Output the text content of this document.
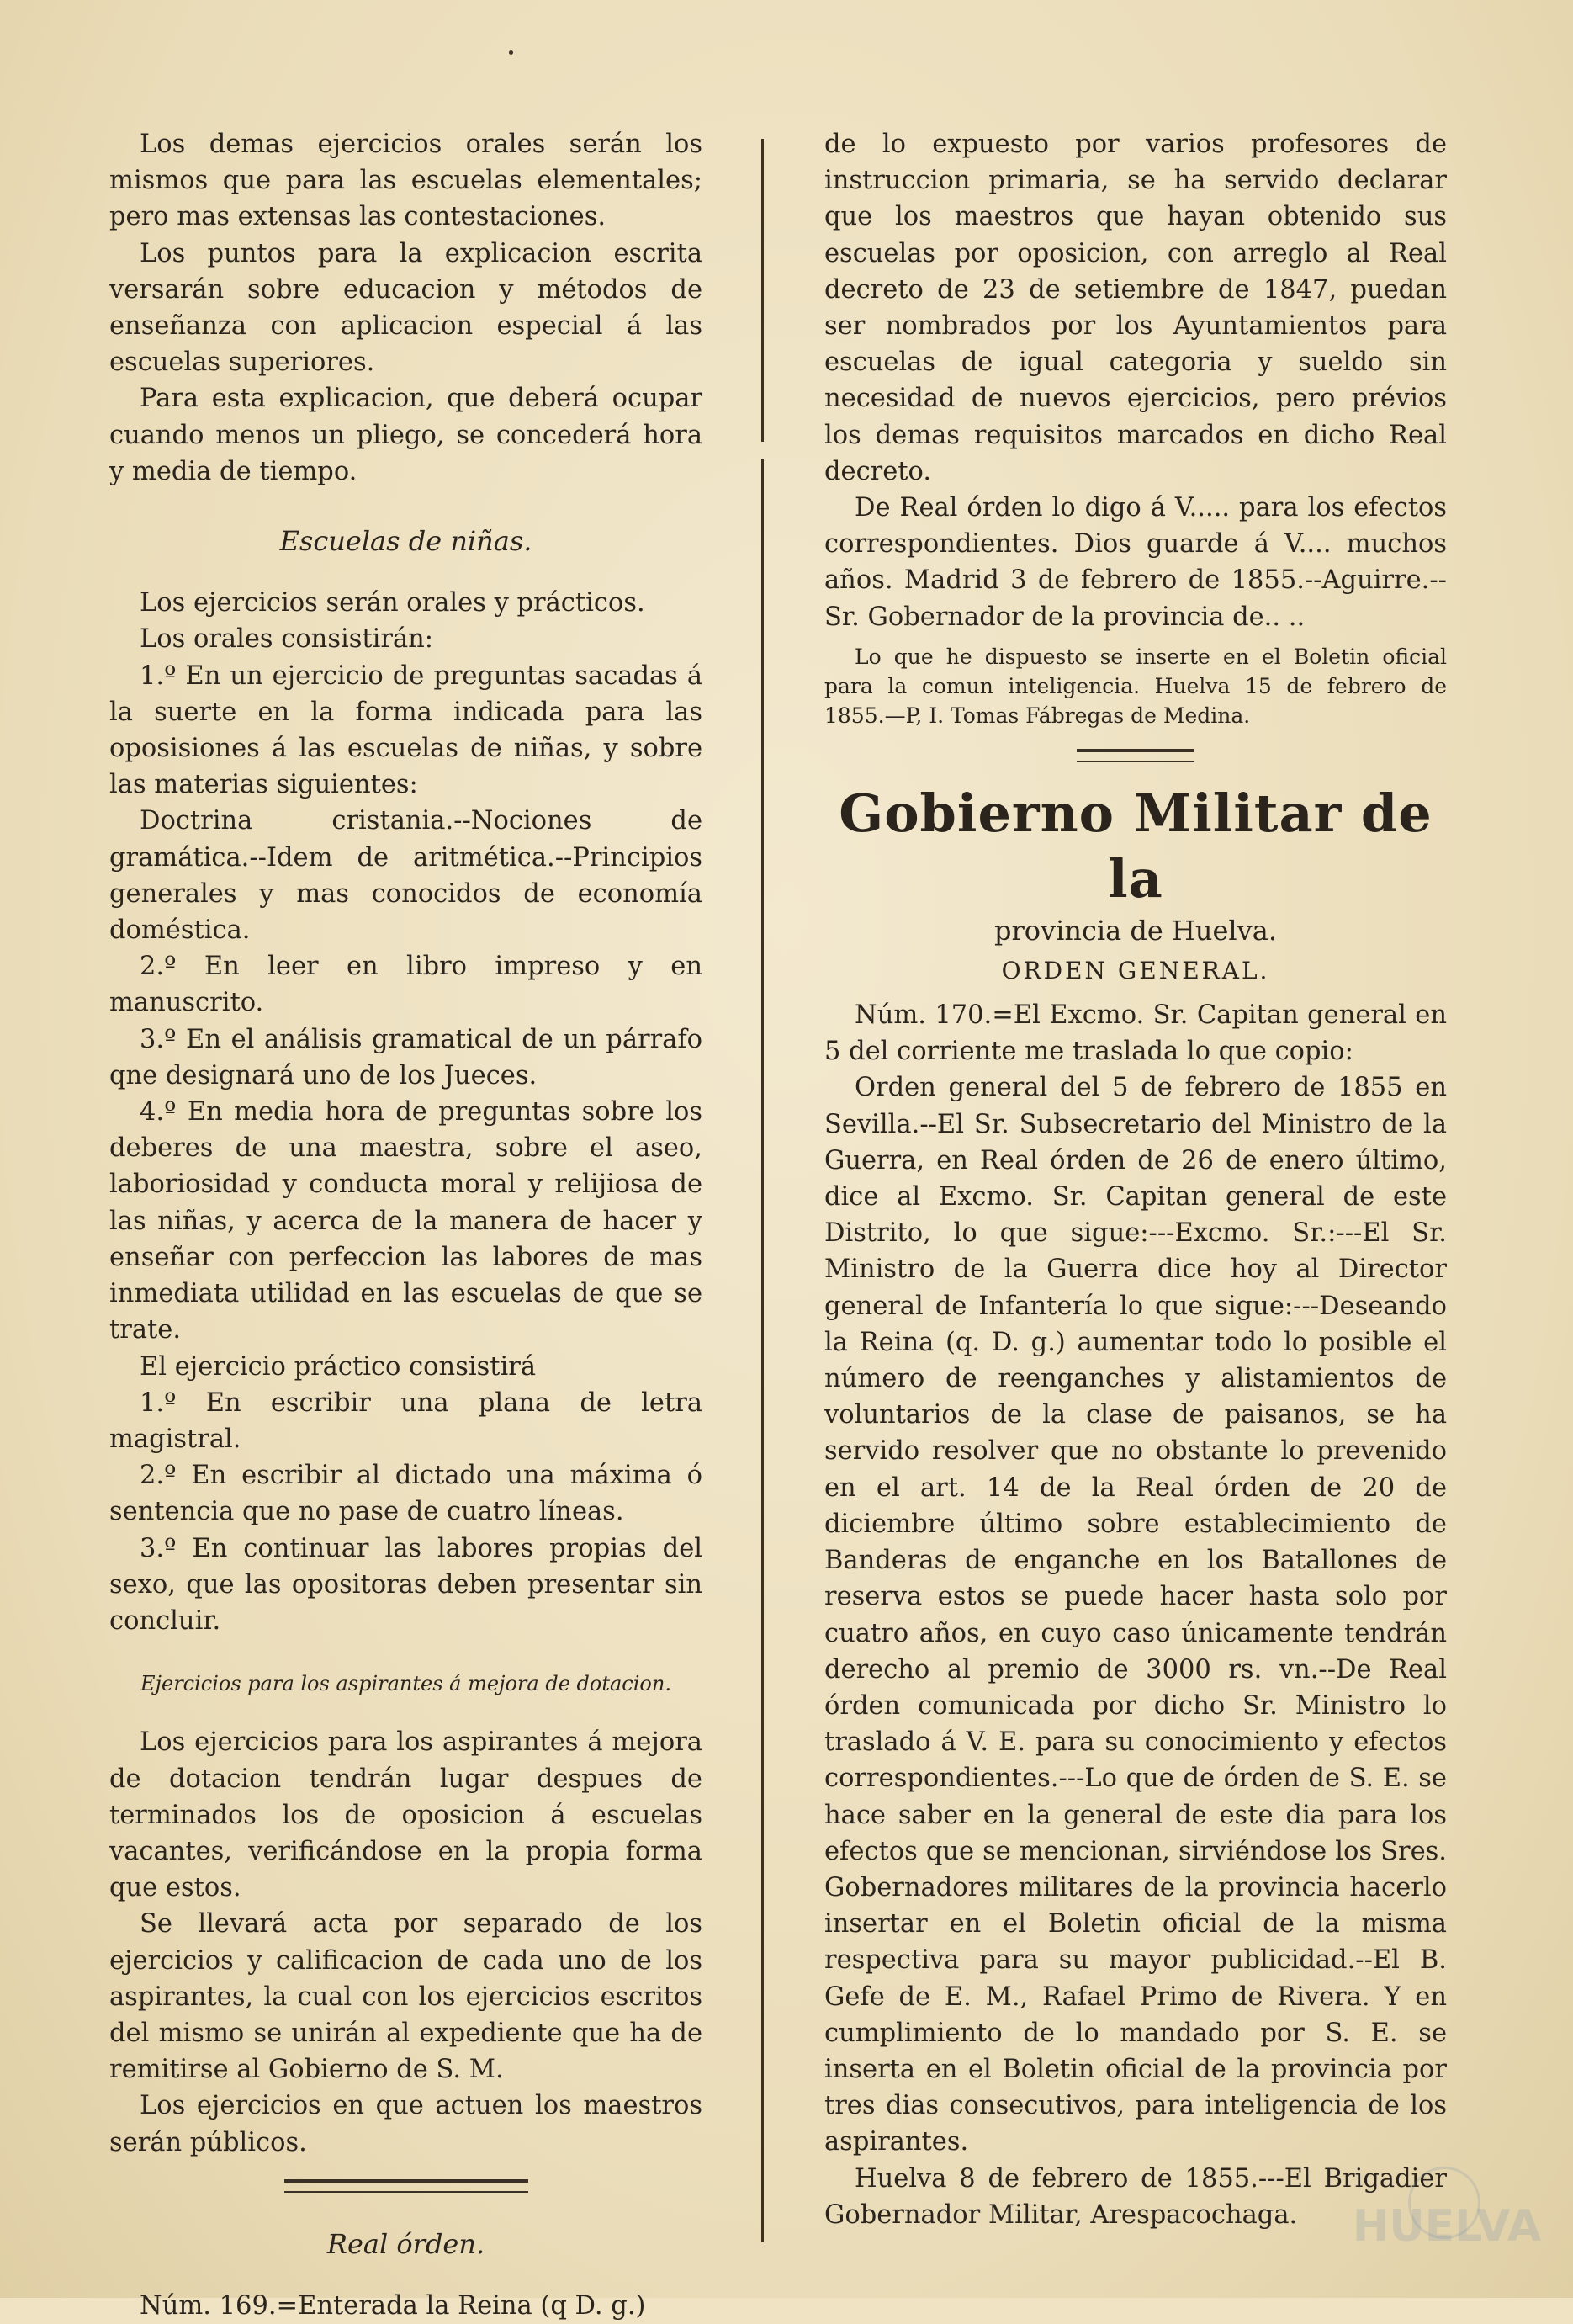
Los demas ejercicios orales serán los mismos que para las escuelas elementales; pero mas extensas las contestaciones.

Los puntos para la explicacion escrita versarán sobre educacion y métodos de enseñanza con aplicacion especial á las escuelas superiores.

Para esta explicacion, que deberá ocupar cuando menos un pliego, se concederá hora y media de tiempo.

Escuelas de niñas.

Los ejercicios serán orales y prácticos.

Los orales consistirán:

1.º En un ejercicio de preguntas sacadas á la suerte en la forma indicada para las oposisiones á las escuelas de niñas, y sobre las materias siguientes:

Doctrina cristania.--Nociones de gramática.--Idem de aritmética.--Principios generales y mas conocidos de economía doméstica.

2.º En leer en libro impreso y en manuscrito.

3.º En el análisis gramatical de un párrafo qne designará uno de los Jueces.

4.º En media hora de preguntas sobre los deberes de una maestra, sobre el aseo, laboriosidad y conducta moral y relijiosa de las niñas, y acerca de la manera de hacer y enseñar con perfeccion las labores de mas inmediata utilidad en las escuelas de que se trate.

El ejercicio práctico consistirá

1.º En escribir una plana de letra magistral.

2.º En escribir al dictado una máxima ó sentencia que no pase de cuatro líneas.

3.º En continuar las labores propias del sexo, que las opositoras deben presentar sin concluir.

Ejercicios para los aspirantes á mejora de dotacion.

Los ejercicios para los aspirantes á mejora de dotacion tendrán lugar despues de terminados los de oposicion á escuelas vacantes, verificándose en la propia forma que estos.

Se llevará acta por separado de los ejercicios y calificacion de cada uno de los aspirantes, la cual con los ejercicios escritos del mismo se unirán al expediente que ha de remitirse al Gobierno de S. M.

Los ejercicios en que actuen los maestros serán públicos.

Real órden.

Núm. 169.=Enterada la Reina (q D. g.)

de lo expuesto por varios profesores de instruccion primaria, se ha servido declarar que los maestros que hayan obtenido sus escuelas por oposicion, con arreglo al Real decreto de 23 de setiembre de 1847, puedan ser nombrados por los Ayuntamientos para escuelas de igual categoria y sueldo sin necesidad de nuevos ejercicios, pero prévios los demas requisitos marcados en dicho Real decreto.

De Real órden lo digo á V..... para los efectos correspondientes. Dios guarde á V.... muchos años. Madrid 3 de febrero de 1855.--Aguirre.--Sr. Gobernador de la provincia de.. ..

Lo que he dispuesto se inserte en el Boletin oficial para la comun inteligencia. Huelva 15 de febrero de 1855.—P, I. Tomas Fábregas de Medina.

Gobierno Militar de la

provincia de Huelva.

ORDEN GENERAL.

Núm. 170.=El Excmo. Sr. Capitan general en 5 del corriente me traslada lo que copio:

Orden general del 5 de febrero de 1855 en Sevilla.--El Sr. Subsecretario del Ministro de la Guerra, en Real órden de 26 de enero último, dice al Excmo. Sr. Capitan general de este Distrito, lo que sigue:---Excmo. Sr.:---El Sr. Ministro de la Guerra dice hoy al Director general de Infantería lo que sigue:---Deseando la Reina (q. D. g.) aumentar todo lo posible el número de reenganches y alistamientos de voluntarios de la clase de paisanos, se ha servido resolver que no obstante lo prevenido en el art. 14 de la Real órden de 20 de diciembre último sobre establecimiento de Banderas de enganche en los Batallones de reserva estos se puede hacer hasta solo por cuatro años, en cuyo caso únicamente tendrán derecho al premio de 3000 rs. vn.--De Real órden comunicada por dicho Sr. Ministro lo traslado á V. E. para su conocimiento y efectos correspondientes.---Lo que de órden de S. E. se hace saber en la general de este dia para los efectos que se mencionan, sirviéndose los Sres. Gobernadores militares de la provincia hacerlo insertar en el Boletin oficial de la misma respectiva para su mayor publicidad.--El B. Gefe de E. M., Rafael Primo de Rivera. Y en cumplimiento de lo mandado por S. E. se inserta en el Boletin oficial de la provincia por tres dias consecutivos, para inteligencia de los aspirantes.

Huelva 8 de febrero de 1855.---El Brigadier Gobernador Militar, Arespacochaga.	HUELVA
